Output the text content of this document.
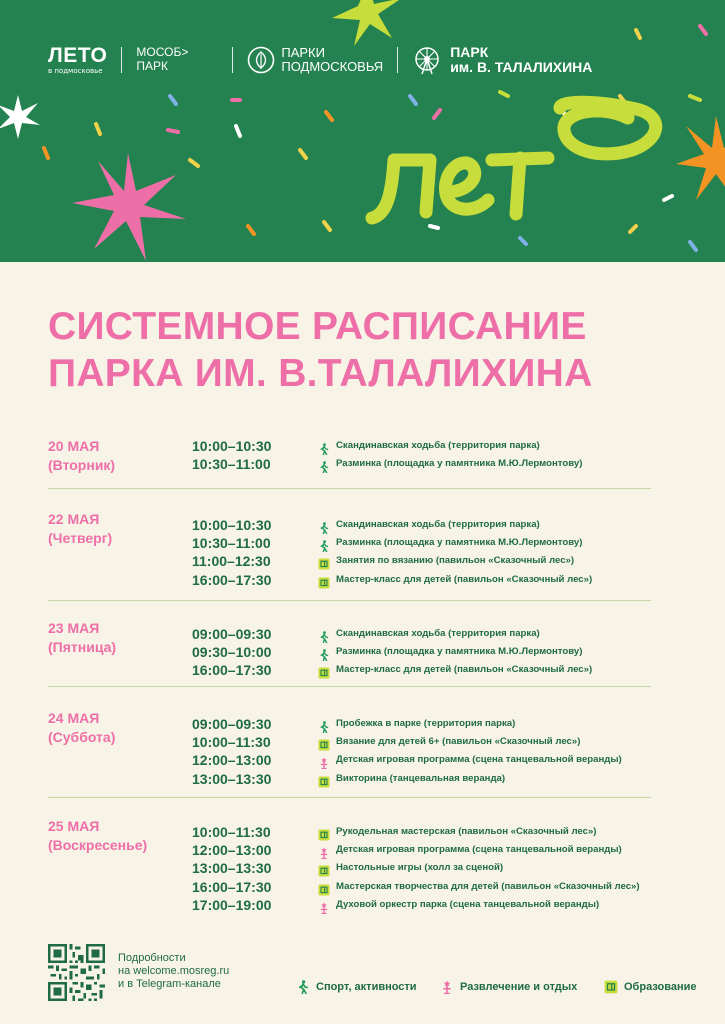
ЛЕТО
в подмосковье
МОСОБ>
ПАРК
ПАРКИ
ПОДМОСКОВЬЯ
ПАРК
им. В. ТАЛАЛИХИНА
СИСТЕМНОЕ РАСПИСАНИЕ
ПАРКА ИМ. В.ТАЛАЛИХИНА
20 МАЯ
(Вторник)
10:00–10:30	Скандинавская ходьба (территория парка)
10:30–11:00	Разминка (площадка у памятника М.Ю.Лермонтову)
22 МАЯ
(Четверг)
10:00–10:30	Скандинавская ходьба (территория парка)
10:30–11:00	Разминка (площадка у памятника М.Ю.Лермонтову)
11:00–12:30	Занятия по вязанию (павильон «Сказочный лес»)
16:00–17:30	Мастер-класс для детей (павильон «Сказочный лес»)
23 МАЯ
(Пятница)
09:00–09:30	Скандинавская ходьба (территория парка)
09:30–10:00	Разминка (площадка у памятника М.Ю.Лермонтову)
16:00–17:30	Мастер-класс для детей (павильон «Сказочный лес»)
24 МАЯ
(Суббота)
09:00–09:30	Пробежка в парке (территория парка)
10:00–11:30	Вязание для детей 6+ (павильон «Сказочный лес»)
12:00–13:00	Детская игровая программа (сцена танцевальной веранды)
13:00–13:30	Викторина (танцевальная веранда)
25 МАЯ
(Воскресенье)
10:00–11:30	Рукодельная мастерская (павильон «Сказочный лес»)
12:00–13:00	Детская игровая программа (сцена танцевальной веранды)
13:00–13:30	Настольные игры (холл за сценой)
16:00–17:30	Мастерская творчества для детей (павильон «Сказочный лес»)
17:00–19:00	Духовой оркестр парка (сцена танцевальной веранды)
Подробности
на welcome.mosreg.ru
и в Telegram-канале	Спорт, активности	Развлечение и отдых	Образование
